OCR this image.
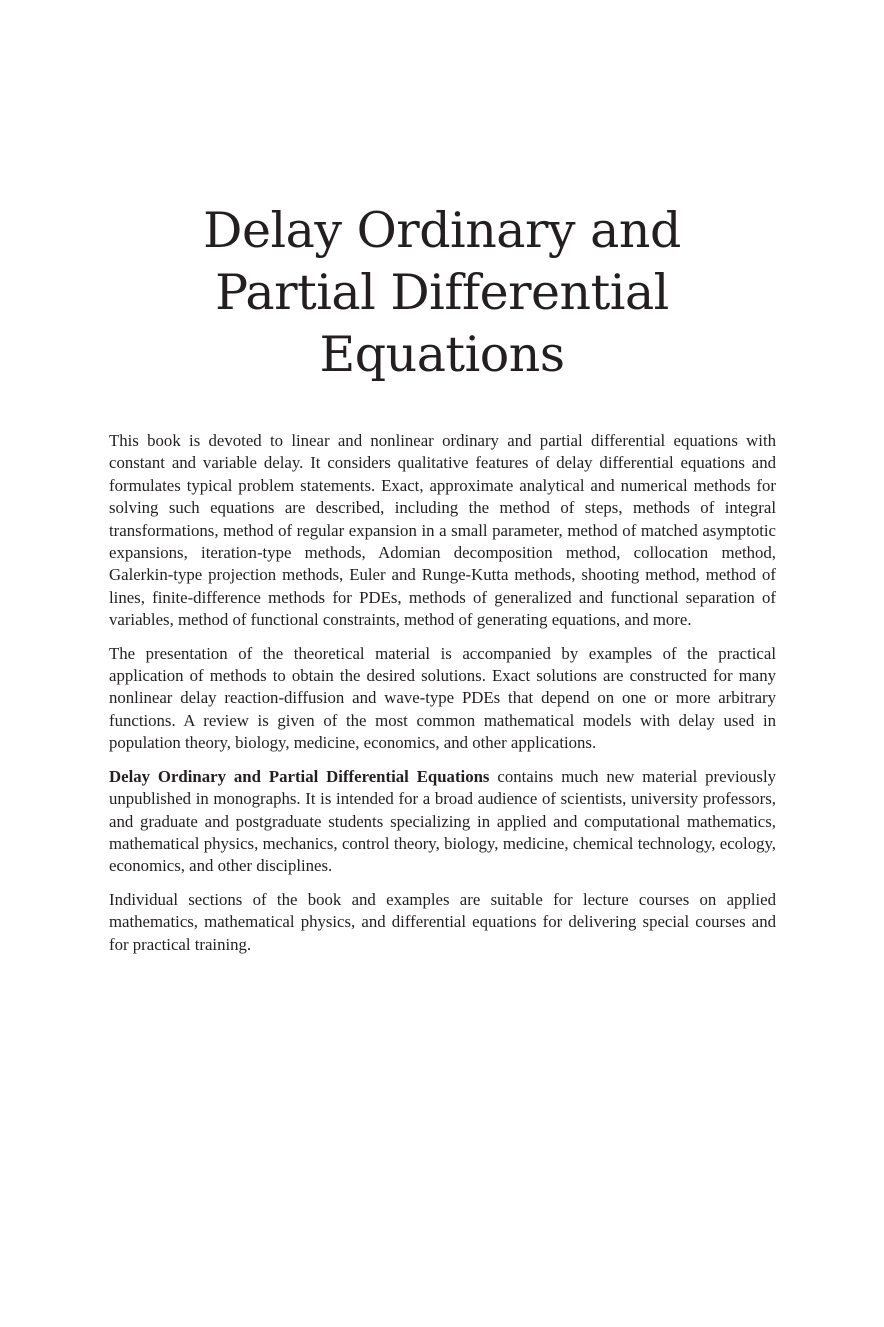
Delay Ordinary and
Partial Differential
Equations

This book is devoted to linear and nonlinear ordinary and partial differential equations with constant and variable delay. It considers qualitative features of delay differential equations and formulates typical problem statements. Exact, approximate analytical and numerical methods for solving such equations are described, including the method of steps, methods of integral transformations, method of regular expansion in a small parameter, method of matched asymptotic expansions, iteration-type methods, Adomian decomposition method, collocation method, Galerkin-type projection methods, Euler and Runge-Kutta methods, shooting method, method of lines, finite-difference methods for PDEs, methods of generalized and functional separation of variables, method of functional constraints, method of generating equations, and more.

The presentation of the theoretical material is accompanied by examples of the practical application of methods to obtain the desired solutions. Exact solutions are constructed for many nonlinear delay reaction-diffusion and wave-type PDEs that depend on one or more arbitrary functions. A review is given of the most common mathematical models with delay used in population theory, biology, medicine, economics, and other applications.

Delay Ordinary and Partial Differential Equations contains much new material previously unpublished in monographs. It is intended for a broad audience of scientists, university professors, and graduate and postgraduate students specializing in applied and computational mathematics, mathematical physics, mechanics, control theory, biology, medicine, chemical technology, ecology, economics, and other disciplines.

Individual sections of the book and examples are suitable for lecture courses on applied mathematics, mathematical physics, and differential equations for delivering special courses and for practical training.
